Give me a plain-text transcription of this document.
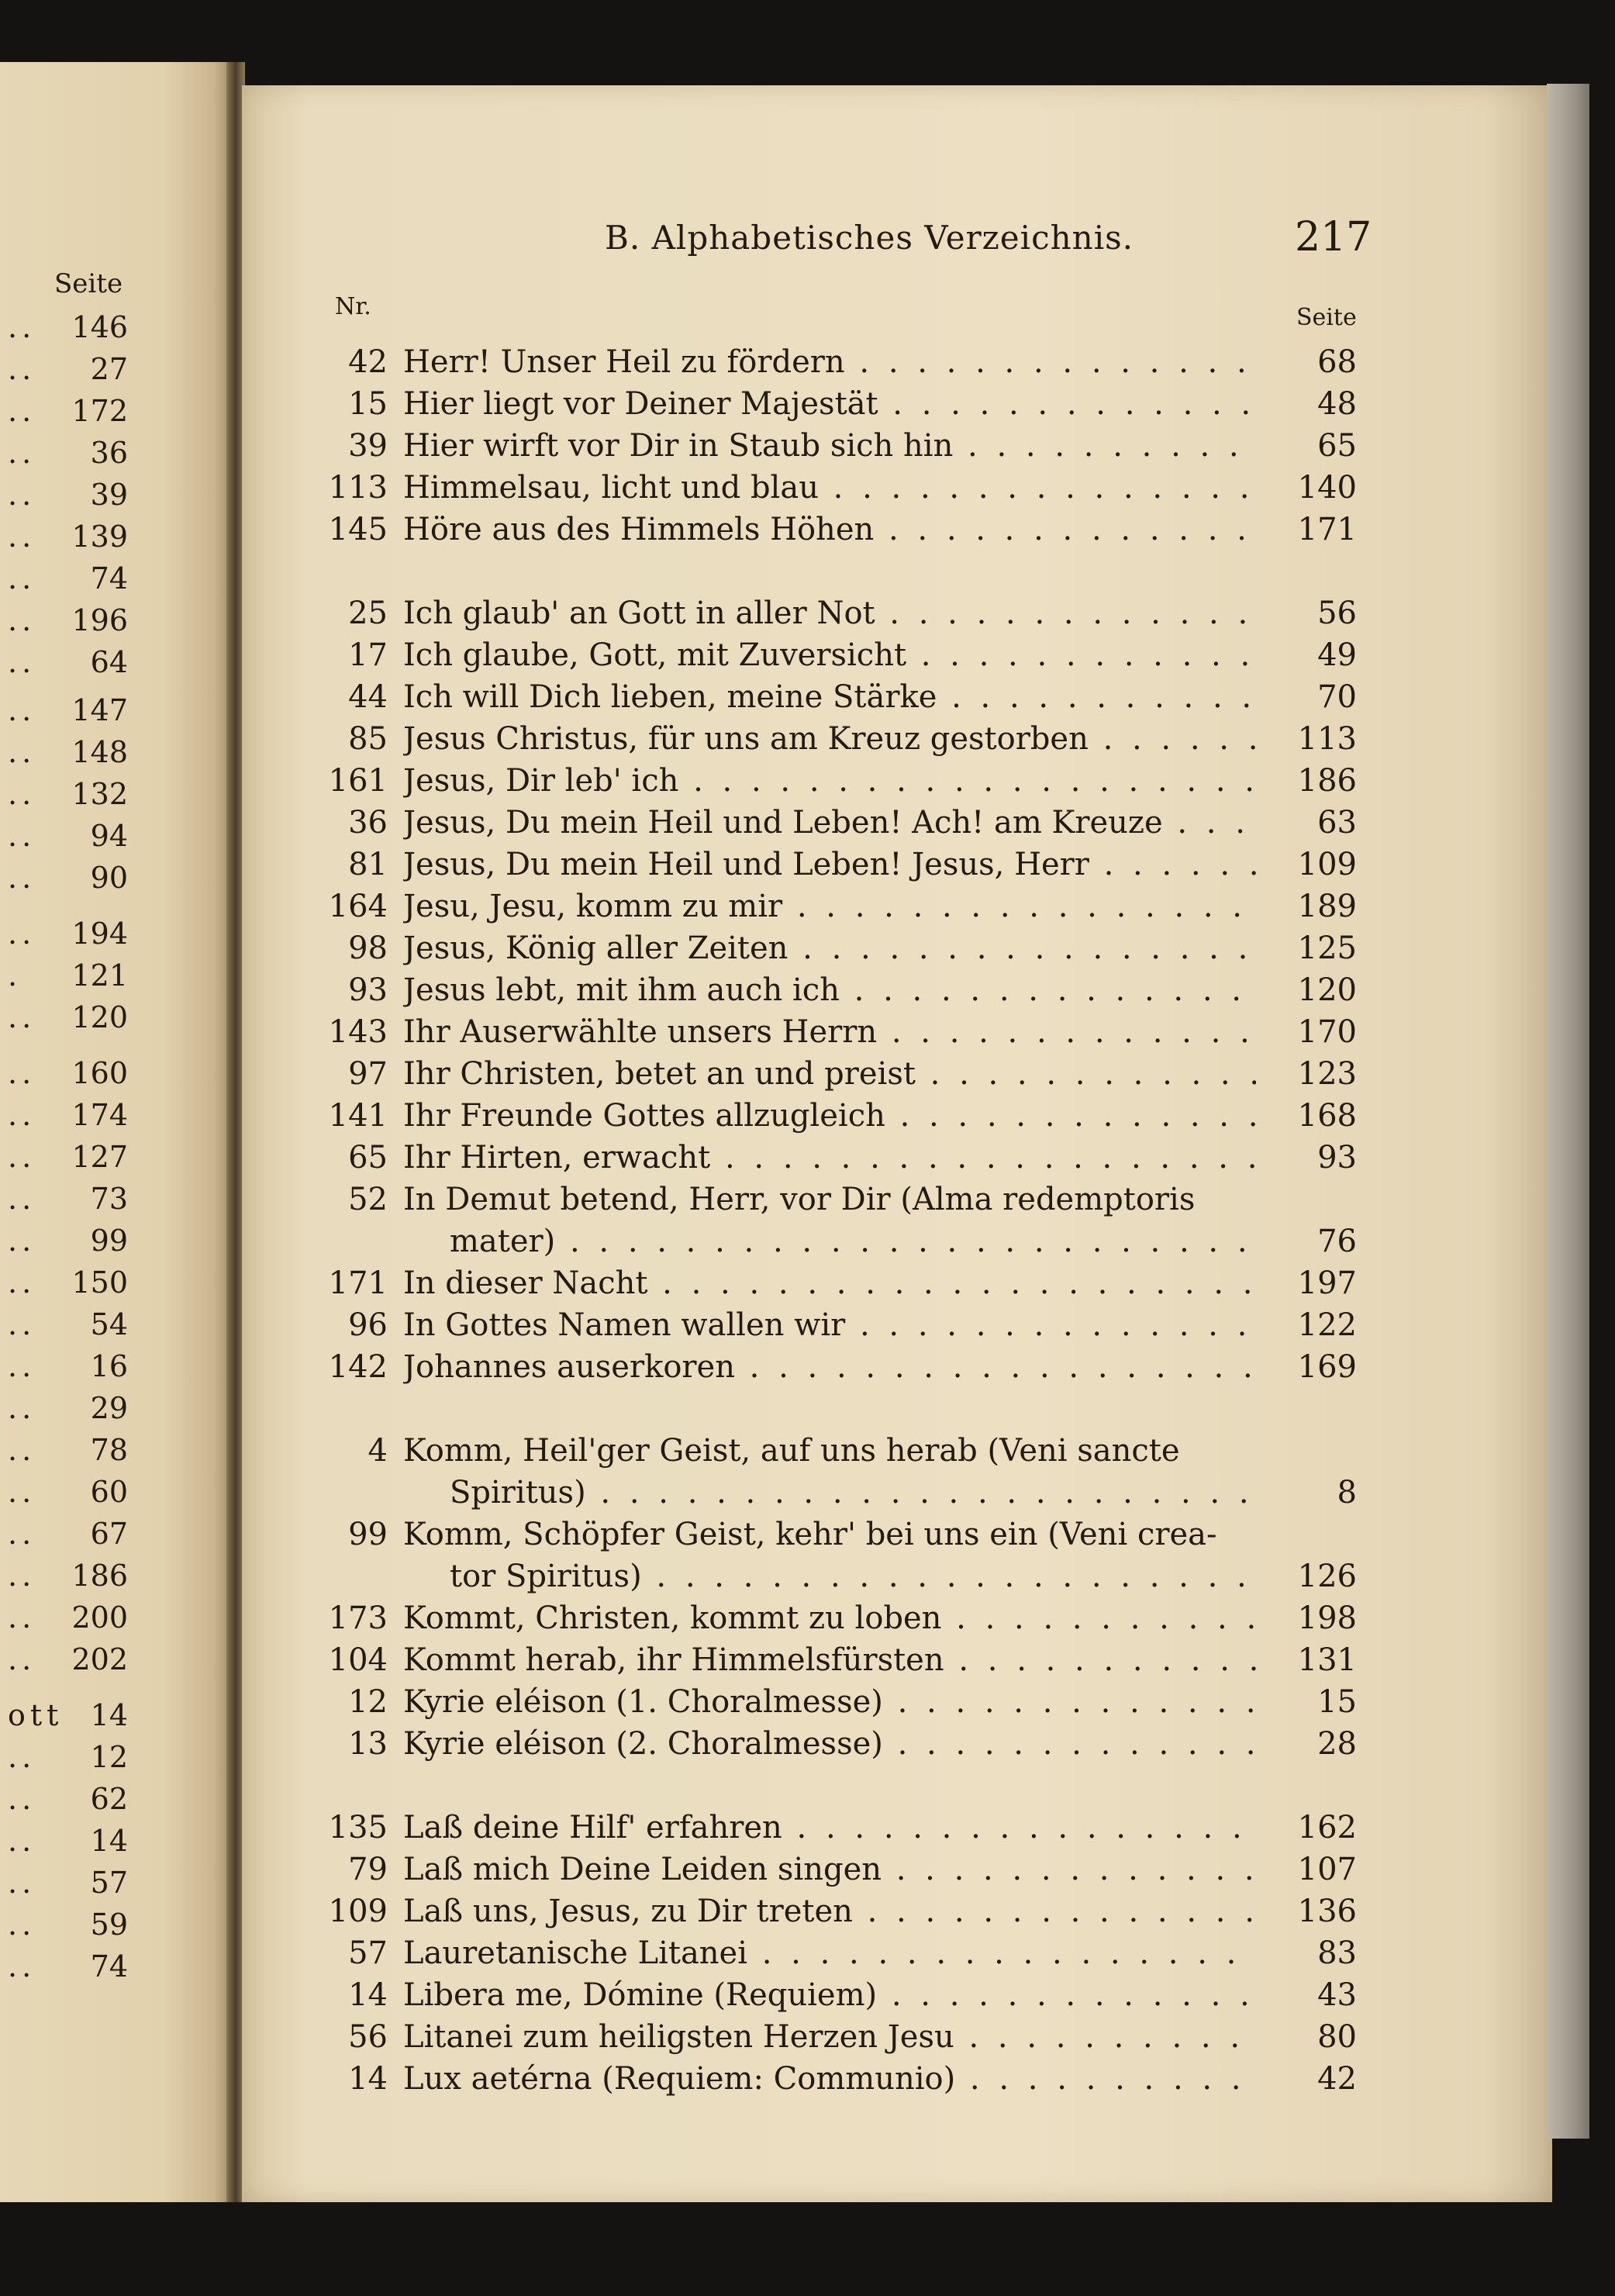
Seite
.. 146
.. 27
.. 172
.. 36
.. 39
.. 139
.. 74
.. 196
.. 64
.. 147
.. 148
.. 132
.. 94
.. 90
.. 194
. 121
.. 120
.. 160
.. 174
.. 127
.. 73
.. 99
.. 150
.. 54
.. 16
.. 29
.. 78
.. 60
.. 67
.. 186
.. 200
.. 202
ott 14
.. 12
.. 62
.. 14
.. 57
.. 59
.. 74
B. Alphabetisches Verzeichnis.	217
Nr.	Seite
42 Herr! Unser Heil zu fördern . . .	68
15 Hier liegt vor Deiner Majestät . . .	48
39 Hier wirft vor Dir in Staub sich hin . . .	65
113 Himmelsau, licht und blau . . .	140
145 Höre aus des Himmels Höhen . . .	171
25 Ich glaub' an Gott in aller Not . . .	56
17 Ich glaube, Gott, mit Zuversicht . . .	49
44 Ich will Dich lieben, meine Stärke . . .	70
85 Jesus Christus, für uns am Kreuz gestorben . . .	113
161 Jesus, Dir leb' ich . . .	186
36 Jesus, Du mein Heil und Leben! Ach! am Kreuze . . .	63
81 Jesus, Du mein Heil und Leben! Jesus, Herr . . .	109
164 Jesu, Jesu, komm zu mir . . .	189
98 Jesus, König aller Zeiten . . .	125
93 Jesus lebt, mit ihm auch ich . . .	120
143 Ihr Auserwählte unsers Herrn . . .	170
97 Ihr Christen, betet an und preist . . .	123
141 Ihr Freunde Gottes allzugleich . . .	168
65 Ihr Hirten, erwacht . . .	93
52 In Demut betend, Herr, vor Dir (Alma redemptoris
mater) . . .	76
171 In dieser Nacht . . .	197
96 In Gottes Namen wallen wir . . .	122
142 Johannes auserkoren . . .	169
4 Komm, Heil'ger Geist, auf uns herab (Veni sancte
Spiritus) . . .	8
99 Komm, Schöpfer Geist, kehr' bei uns ein (Veni crea-
tor Spiritus) . . .	126
173 Kommt, Christen, kommt zu loben . . .	198
104 Kommt herab, ihr Himmelsfürsten . . .	131
12 Kyrie eléison (1. Choralmesse) . . .	15
13 Kyrie eléison (2. Choralmesse) . . .	28
135 Laß deine Hilf' erfahren . . .	162
79 Laß mich Deine Leiden singen . . .	107
109 Laß uns, Jesus, zu Dir treten . . .	136
57 Lauretanische Litanei . . .	83
14 Libera me, Dómine (Requiem) . . .	43
56 Litanei zum heiligsten Herzen Jesu . . .	80
14 Lux aetérna (Requiem: Communio) . . .	42
